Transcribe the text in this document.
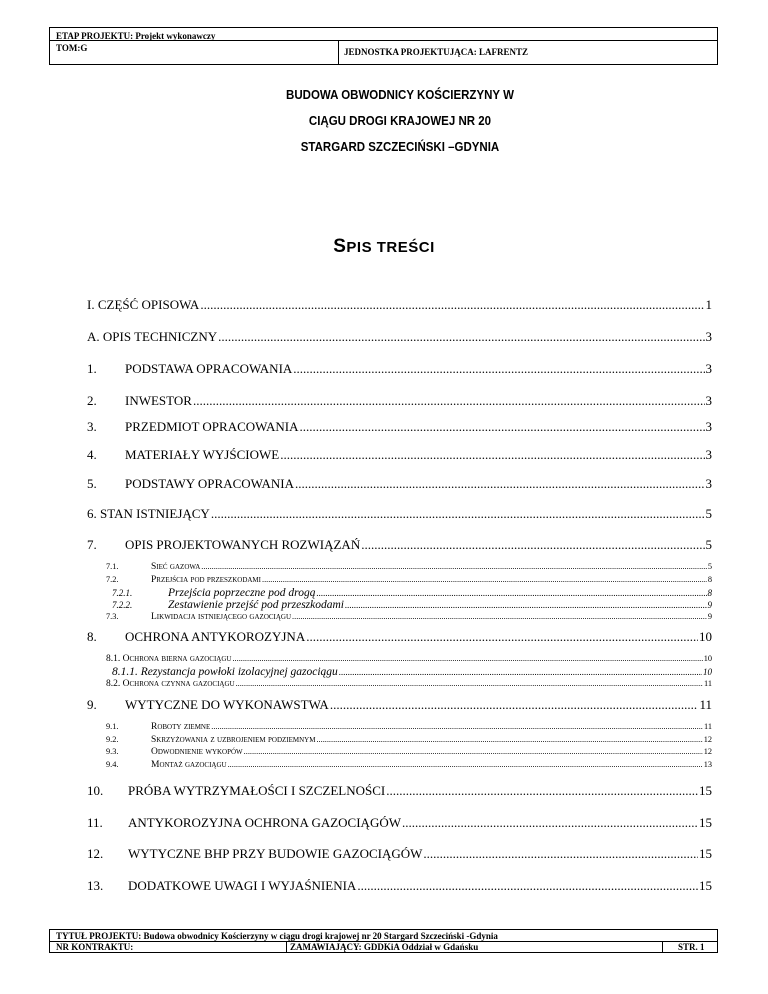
ETAP PROJEKTU: Projekt wykonawczy
TOM:G	JEDNOSTKA PROJEKTUJĄCA: LAFRENTZ
BUDOWA OBWODNICY KOŚCIERZYNY W
CIĄGU DROGI KRAJOWEJ NR 20
STARGARD SZCZECIŃSKI –GDYNIA
SPIS TREŚCI
I. CZĘŚĆ OPISOWA .....	1
A. OPIS TECHNICZNY .....	3
1.	PODSTAWA OPRACOWANIA .....	3
2.	INWESTOR .....	3
3.	PRZEDMIOT OPRACOWANIA .....	3
4.	MATERIAŁY WYJŚCIOWE .....	3
5.	PODSTAWY OPRACOWANIA .....	3
6. STAN ISTNIEJĄCY .....	5
7.	OPIS PROJEKTOWANYCH ROZWIĄZAŃ .....	5
7.1.	Sieć gazowa .....	5
7.2.	Przejścia pod przeszkodami .....	8
7.2.1.	Przejścia poprzeczne pod drogą .....	8
7.2.2.	Zestawienie przejść pod przeszkodami .....	9
7.3.	Likwidacja istniejącego gazociągu .....	9
8.	OCHRONA ANTYKOROZYJNA .....	10
8.1. Ochrona bierna gazociągu .....	10
8.1.1. Rezystancja powłoki izolacyjnej gazociągu .....	10
8.2. Ochrona czynna gazociągu .....	11
9.	WYTYCZNE DO WYKONAWSTWA .....	11
9.1.	Roboty ziemne .....	11
9.2.	Skrzyżowania z uzbrojeniem podziemnym .....	12
9.3.	Odwodnienie wykopów .....	12
9.4.	Montaż gazociągu .....	13
10.	PRÓBA WYTRZYMAŁOŚCI I SZCZELNOŚCI .....	15
11.	ANTYKOROZYJNA OCHRONA GAZOCIĄGÓW .....	15
12.	WYTYCZNE BHP PRZY BUDOWIE GAZOCIĄGÓW .....	15
13.	DODATKOWE UWAGI I WYJAŚNIENIA .....	15
TYTUŁ PROJEKTU: Budowa obwodnicy Kościerzyny w ciągu drogi krajowej nr 20 Stargard Szczeciński -Gdynia
NR KONTRAKTU:	ZAMAWIAJĄCY: GDDKiA Oddział w Gdańsku	STR. 1
